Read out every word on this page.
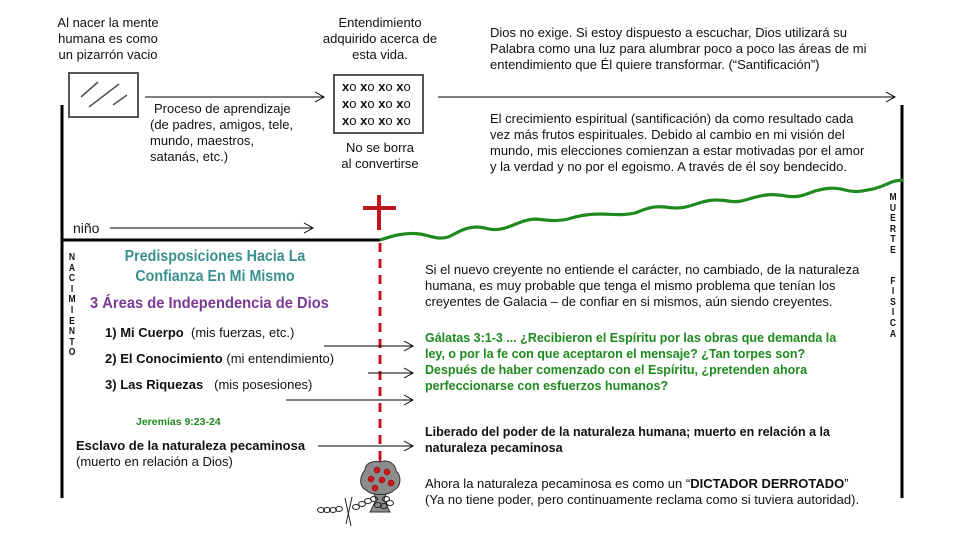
Al nacer la mente
humana es como
un pizarrón vacio
Proceso de aprendizaje
(de padres, amigos, tele,
mundo, maestros,
satanás, etc.)
Entendimiento
adquirido acerca de
esta vida.
xo xo xo xo
xo xo xo xo
xo xo xo xo
No se borra
al convertirse
Dios no exige. Si estoy dispuesto a escuchar, Dios utilizará su
Palabra como una luz para alumbrar poco a poco las áreas de mi
entendimiento que Él quiere transformar. (“Santificación”)
El crecimiento espiritual (santificación) da como resultado cada
vez más frutos espirituales. Debido al cambio en mi visión del
mundo, mis elecciones comienzan a estar motivadas por el amor
y la verdad y no por el egoismo. A través de él soy bendecido.
niño
N
A
C
I
M
I
E
N
T
O
M
U
E
R
T
E
F
I
S
I
C
A
Predisposiciones Hacia La
Confianza En Mi Mismo
3 Áreas de Independencia de Dios
1) Mi Cuerpo (mis fuerzas, etc.)
2) El Conocimiento (mi entendimiento)
3) Las Riquezas (mis posesiones)
Jeremías 9:23-24
Esclavo de la naturaleza pecaminosa
(muerto en relación a Dios)
Si el nuevo creyente no entiende el carácter, no cambiado, de la naturaleza
humana, es muy probable que tenga el mismo problema que tenían los
creyentes de Galacia – de confiar en si mismos, aún siendo creyentes.
Gálatas 3:1-3 ... ¿Recibieron el Espíritu por las obras que demanda la
ley, o por la fe con que aceptaron el mensaje? ¿Tan torpes son?
Después de haber comenzado con el Espíritu, ¿pretenden ahora
perfeccionarse con esfuerzos humanos?
Liberado del poder de la naturaleza humana; muerto en relación a la
naturaleza pecaminosa
Ahora la naturaleza pecaminosa es como un “DICTADOR DERROTADO”
(Ya no tiene poder, pero continuamente reclama como si tuviera autoridad).
